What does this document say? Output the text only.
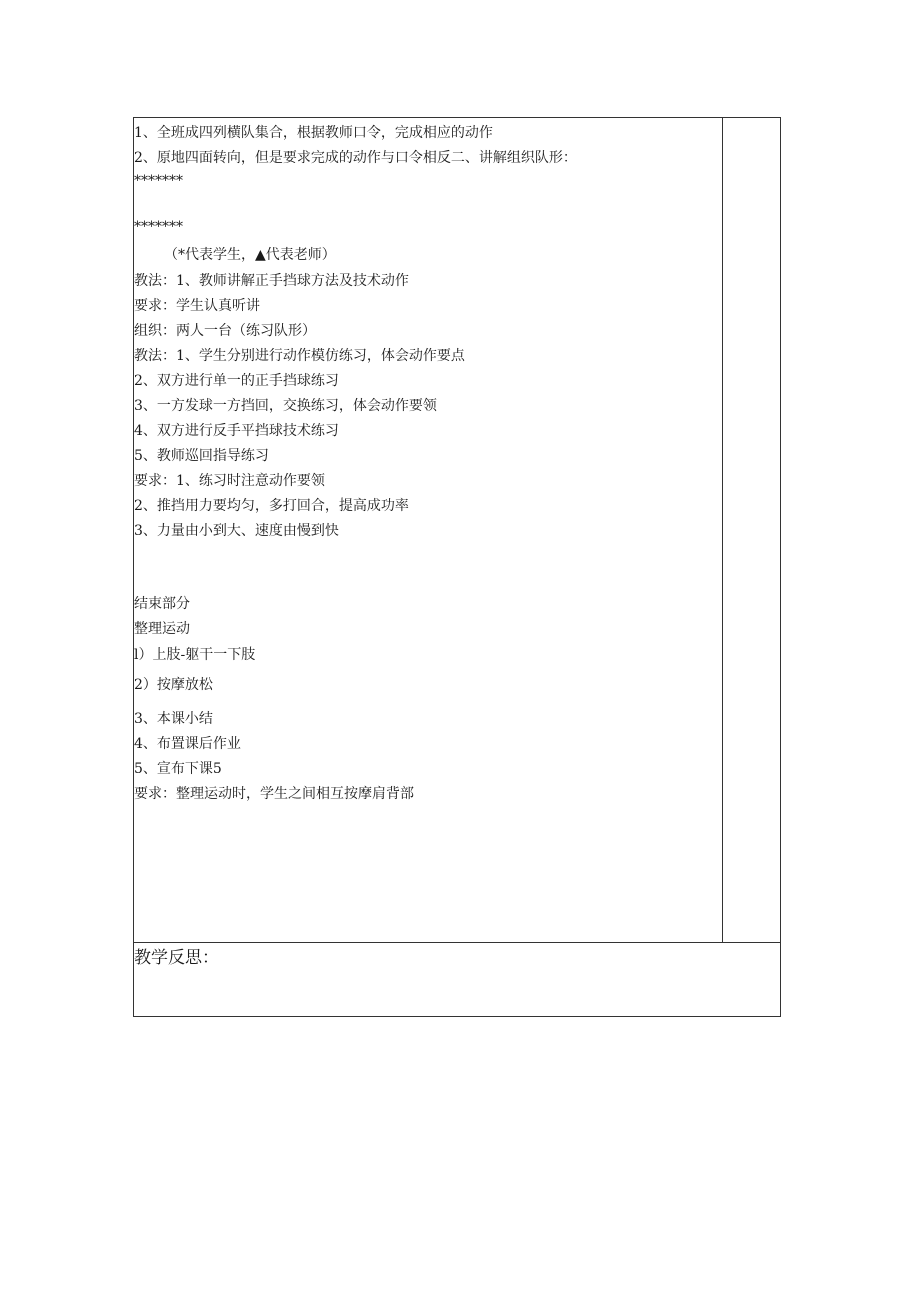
1、全班成四列横队集合，根据教师口令，完成相应的动作
2、原地四面转向，但是要求完成的动作与口令相反二、讲解组织队形：
*******
*******
（*代表学生，▲代表老师）
教法：1、教师讲解正手挡球方法及技术动作
要求：学生认真听讲
组织：两人一台（练习队形）
教法：1、学生分别进行动作模仿练习，体会动作要点
2、双方进行单一的正手挡球练习
3、一方发球一方挡回，交换练习，体会动作要领
4、双方进行反手平挡球技术练习
5、教师巡回指导练习
要求：1、练习时注意动作要领
2、推挡用力要均匀，多打回合，提高成功率
3、力量由小到大、速度由慢到快
结束部分
整理运动
l）上肢-躯干一下肢
2）按摩放松
3、本课小结
4、布置课后作业
5、宣布下课5
要求：整理运动时，学生之间相互按摩肩背部
教学反思：
